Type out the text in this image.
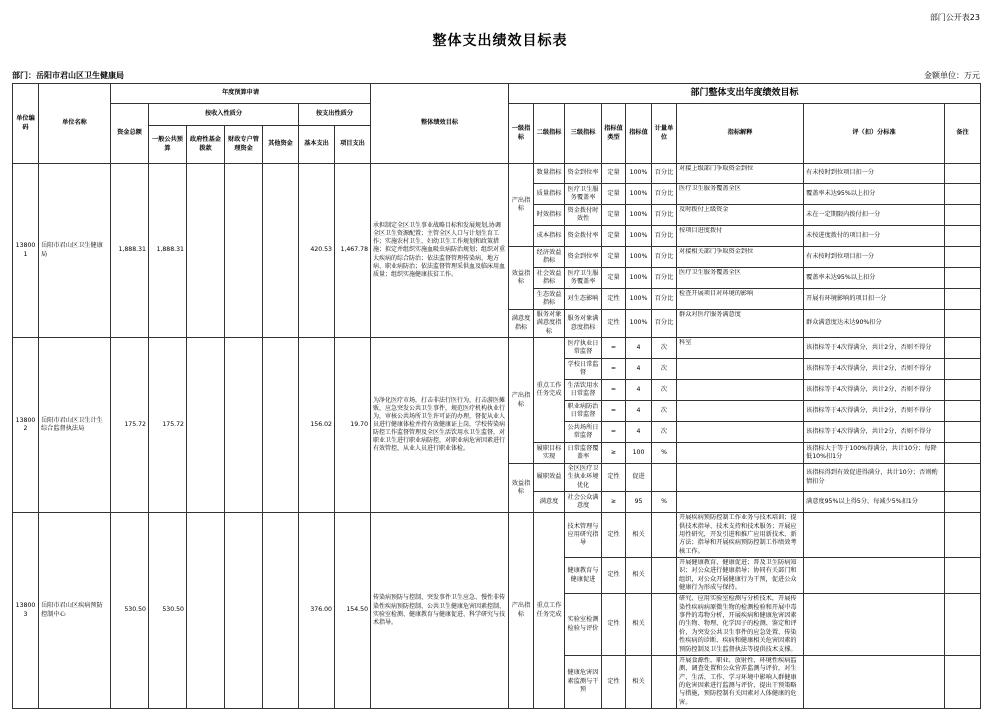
部门公开表23
整体支出绩效目标表
部门：岳阳市君山区卫生健康局	金额单位：万元
单位编码	单位名称	年度预算申请							整体绩效目标	部门整体支出年度绩效目标								
		资金总额	按收入性质分				按支出性质分			一级指标	二级指标	三级指标	指标值类型	指标值	计量单位	指标解释	评（扣）分标准	备注
			一般公共预算	政府性基金拨款	财政专户管理资金	其他资金	基本支出	项目支出										
138001	岳阳市君山区卫生健康局	1,888.31	1,888.31				420.53	1,467.78	承担制定全区卫生事业战略目标和发展规划,协调全区卫生资源配置；主管全区人口与计划生育工作；实施农村卫生、妇幼卫生工作规划和政策措施；拟定并组织实施血吸虫病防治规划；组织对重大疾病的综合防治；依法监督管理传染病、地方病、职业病防治；依法监督管理采供血及临床用血质量；组织实施健康扶贫工作。	产出指标	数量指标	资金到位率	定量	100%	百分比	对接上级部门争取资金到位	有未按时到位项目扣一分	
											质量指标	医疗卫生服务覆盖率	定量	100%	百分比	医疗卫生服务覆盖全区	覆盖率未达95%以上扣分	
											时效指标	资金拨付时效性	定量	100%	百分比	及时拨付上级资金	未在一定期限内拨付扣一分	
											成本指标	资金拨付率	定量	100%	百分比	按项目进度拨付	未按进度拨付的项目扣一分	
										效益指标	经济效益指标	资金到位率	定量	100%	百分比	对接相关部门争取资金到位	有未按时到位项目扣一分	
											社会效益指标	医疗卫生服务覆盖率	定量	100%	百分比	医疗卫生服务覆盖全区	覆盖率未达95%以上扣分	
											生态效益指标	对生态影响	定性	100%	百分比	检查开展项目对环境的影响	开展有环境影响的项目扣一分	
										满意度指标	服务对象满意度指标	服务对象满意度指标	定性	100%	百分比	群众对医疗服务满意度	群众满意度达未达90%扣分	
138002	岳阳市君山区卫生计生综合监督执法局	175.72	175.72				156.02	19.70	为净化医疗市场，打击非法行医行为，打击游医摊贩，应急突发公共卫生事件，规范医疗机构执业行为，审核公共场所卫生许可证的办理，督促从业人员进行健康体检并持有效健康证上岗，学校传染病防控工作监督管理及全区生活饮用水卫生监督，对职业卫生进行职业病防控，对职业病危害因素进行有效管控，从业人员进行职业体检。	产出指标	重点工作任务完成	医疗执业日常监督	=	4	次	科室	该指标等于4次得满分，共计2分，否则不得分	
												学校日常监督	=	4	次		该指标等于4次得满分，共计2分，否则不得分	
												生活饮用水日常监督	=	4	次		该指标等于4次得满分，共计2分，否则不得分	
												职业病防治日常监督	=	4	次		该指标等于4次得满分，共计2分，否则不得分	
												公共场所日常监督	=	4	次		该指标等于4次得满分，共计2分，否则不得分	
											履职目标实现	日常监督覆盖率	≥	100	%		该指标大于等于100%得满分，共计10分；每降低10%扣1分	
										效益指标	履职效益	全区医疗卫生执业环境优化	定性	促进			该指标得到有效促进得满分，共计10分；否则酌情扣分	
											满意度	社会公众满意度	≥	95	%		满意度95%以上得5分，每减少5%扣1分	
138003	岳阳市君山区疾病预防控制中心	530.50	530.50				376.00	154.50	传染病预防与控制、突发事件卫生应急、慢性非传染性疾病预防控制、公共卫生健康危害因素控制、实验室检测、健康教育与健康促进、科学研究与技术指导。	产出指标	重点工作任务完成	技术管理与应用研究指导	定性	相关		开展疾病预防控制工作业务与技术培训；提供技术指导、技术支持和技术服务；开展应用性研究，开发引进和推广应用新技术、新方法；指导和开展疾病预防控制工作绩效考核工作。		

												健康教育与健康促进	定性	相关		开展健康教育、健康促进；普及卫生防病知识；对公众进行健康指导；协同有关部门和组织，对公众开展健康行为干预，促进公众健康行为形成与保持。		

												实验室检测检验与评价	定性	相关		研究、应用实验室检测与分析技术，开展传染性疾病病原微生物的检测检验和开展中毒事件的毒物分析，开展疾病和健康危害因素的生物、物理、化学因子的检测、鉴定和评价，为突发公共卫生事件的应急处置、传染性疾病的诊断、疾病和健康相关危害因素的预防控制及卫生监督执法等提供技术支撑。		

												健康危害因素监测与干预	定性	相关		开展食源性、职业、放射性、环境性疾病监测，调查处置和公众营养监测与评价，对生产、生活、工作、学习环境中影响人群健康的危害因素进行监测与评价，提出干预策略与措施，预防控制有关因素对人体健康的危害。		
